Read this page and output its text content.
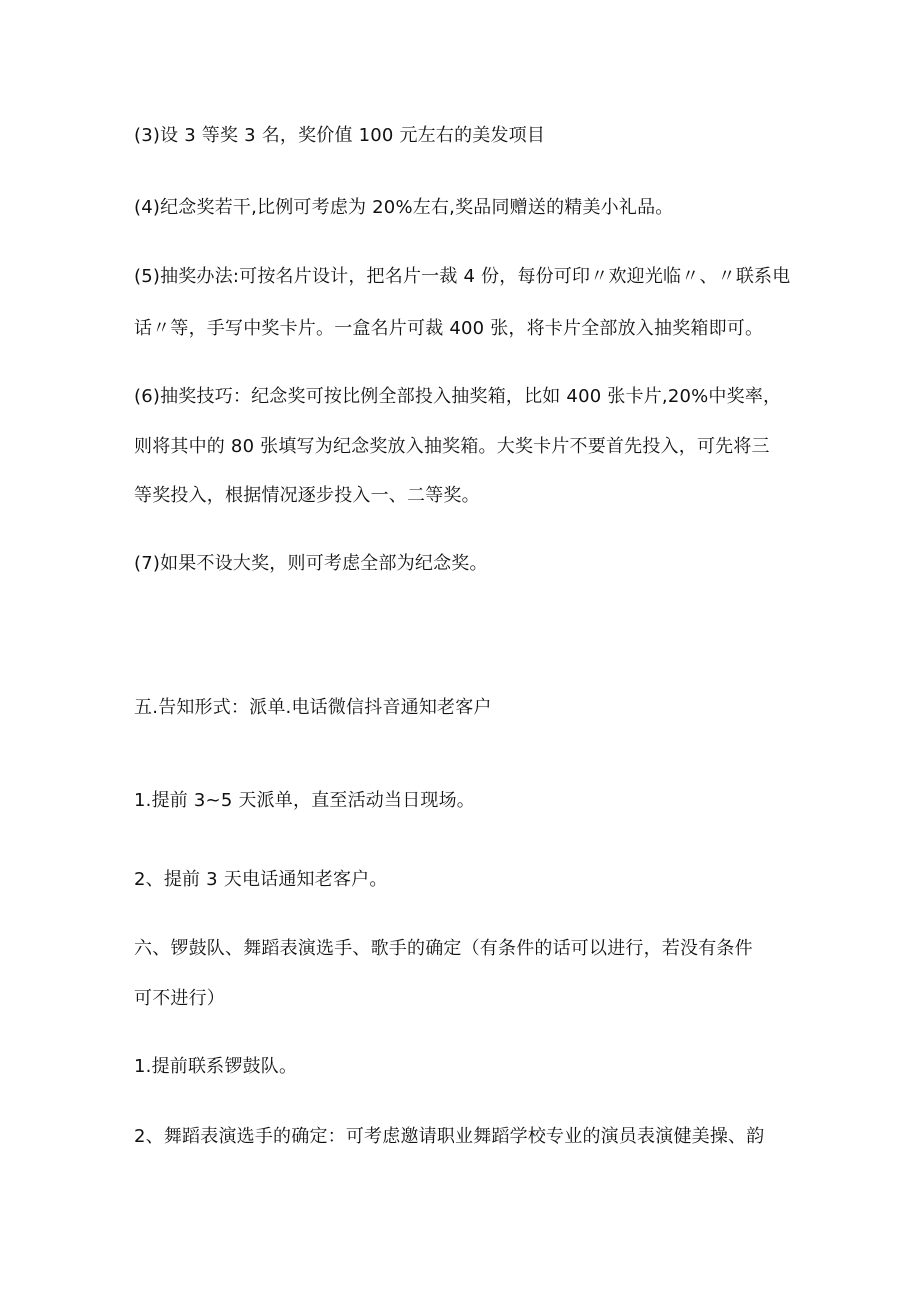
(3)设 3 等奖 3 名，奖价值 100 元左右的美发项目

(4)纪念奖若干,比例可考虑为 20%左右,奖品同赠送的精美小礼品。

(5)抽奖办法:可按名片设计，把名片一裁 4 份，每份可印〃欢迎光临〃、〃联系电

话〃等，手写中奖卡片。一盒名片可裁 400 张，将卡片全部放入抽奖箱即可。

(6)抽奖技巧：纪念奖可按比例全部投入抽奖箱，比如 400 张卡片,20%中奖率，

则将其中的 80 张填写为纪念奖放入抽奖箱。大奖卡片不要首先投入，可先将三

等奖投入，根据情况逐步投入一、二等奖。

(7)如果不设大奖，则可考虑全部为纪念奖。

五.告知形式：派单.电话微信抖音通知老客户

1.提前 3~5 天派单，直至活动当日现场。

2、提前 3 天电话通知老客户。

六、锣鼓队、舞蹈表演选手、歌手的确定（有条件的话可以进行，若没有条件

可不进行）

1.提前联系锣鼓队。

2、舞蹈表演选手的确定：可考虑邀请职业舞蹈学校专业的演员表演健美操、韵
